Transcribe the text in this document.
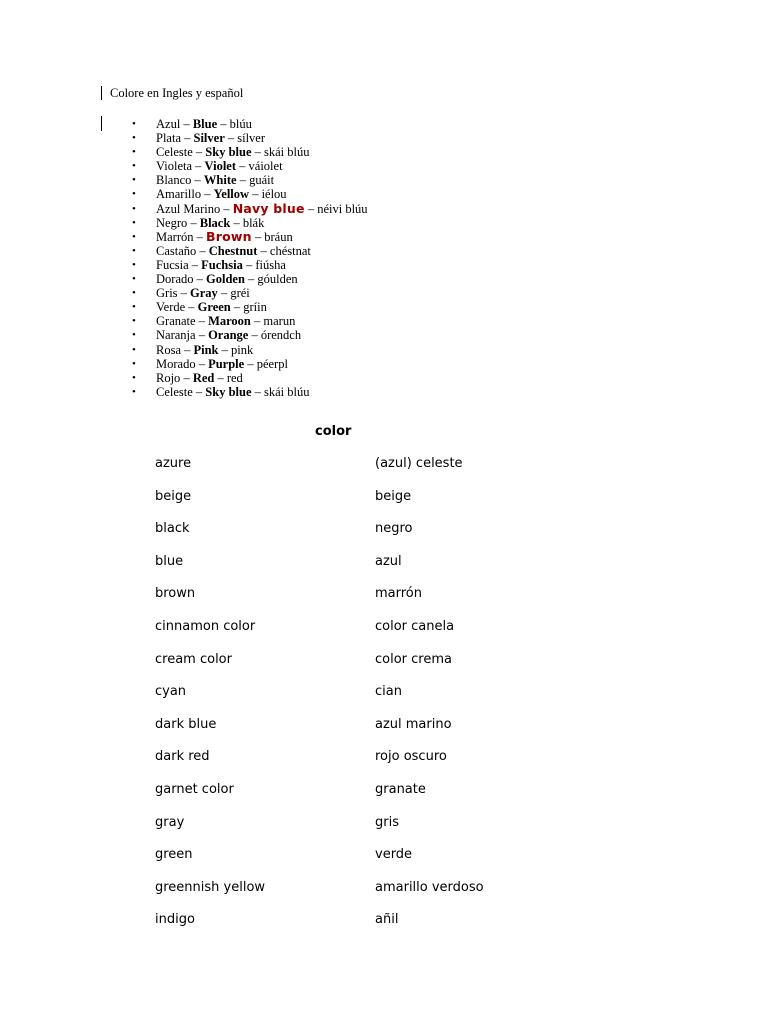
Colore en Ingles y español
• Azul – Blue – blúu
• Plata – Silver – sílver
• Celeste – Sky blue – skái blúu
• Violeta – Violet – váiolet
• Blanco – White – guáit
• Amarillo – Yellow – iélou
• Azul Marino – Navy blue – néivi blúu
• Negro – Black – blák
• Marrón – Brown – bráun
• Castaño – Chestnut – chéstnat
• Fucsia – Fuchsia – fiúsha
• Dorado – Golden – góulden
• Gris – Gray – gréi
• Verde – Green – gríin
• Granate – Maroon – marun
• Naranja – Orange – órendch
• Rosa – Pink – pink
• Morado – Purple – péerpl
• Rojo – Red – red
• Celeste – Sky blue – skái blúu
color
azure	(azul) celeste
beige	beige
black	negro
blue	azul
brown	marrón
cinnamon color	color canela
cream color	color crema
cyan	cian
dark blue	azul marino
dark red	rojo oscuro
garnet color	granate
gray	gris
green	verde
greennish yellow	amarillo verdoso
indigo	añil
